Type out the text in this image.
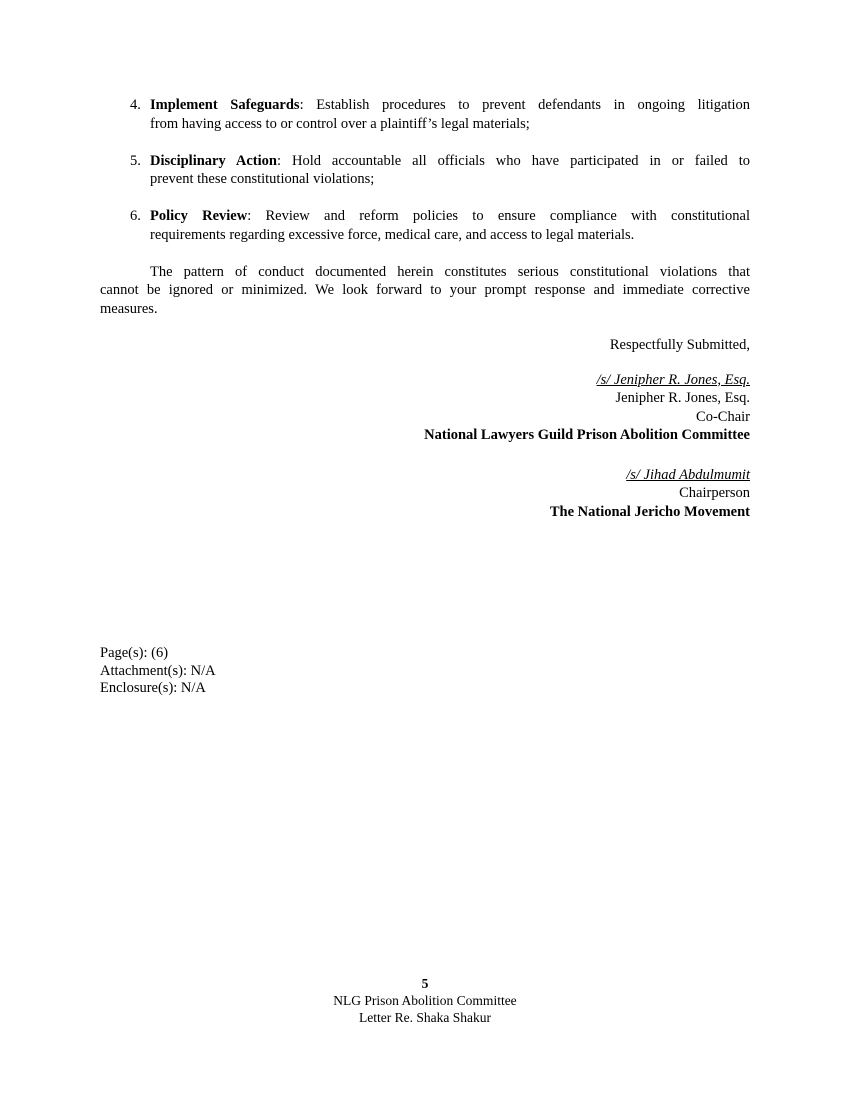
4. Implement Safeguards: Establish procedures to prevent defendants in ongoing litigation
from having access to or control over a plaintiff’s legal materials;
5. Disciplinary Action: Hold accountable all officials who have participated in or failed to
prevent these constitutional violations;
6. Policy Review: Review and reform policies to ensure compliance with constitutional
requirements regarding excessive force, medical care, and access to legal materials.
The pattern of conduct documented herein constitutes serious constitutional violations that
cannot be ignored or minimized. We look forward to your prompt response and immediate corrective
measures.
Respectfully Submitted,
/s/ Jenipher R. Jones, Esq.
Jenipher R. Jones, Esq.
Co-Chair
National Lawyers Guild Prison Abolition Committee
/s/ Jihad Abdulmumit
Chairperson
The National Jericho Movement
Page(s): (6)
Attachment(s): N/A
Enclosure(s): N/A
5
NLG Prison Abolition Committee
Letter Re. Shaka Shakur
